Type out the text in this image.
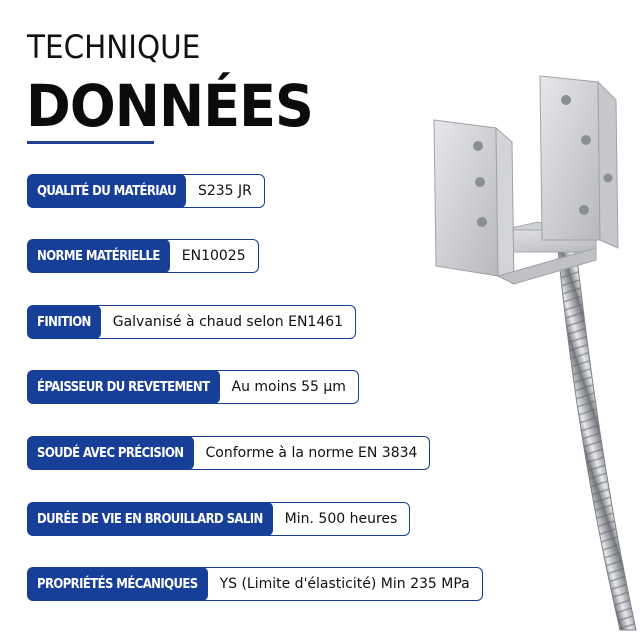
TECHNIQUE
DONNÉES
QUALITÉ DU MATÉRIAU	S235 JR
NORME MATÉRIELLE	EN10025
FINITION	Galvanisé à chaud selon EN1461
ÉPAISSEUR DU REVETEMENT	Au moins 55 µm
SOUDÉ AVEC PRÉCISION	Conforme à la norme EN 3834
DURÉE DE VIE EN BROUILLARD SALIN	Min. 500 heures
PROPRIÉTÉS MÉCANIQUES	YS (Limite d'élasticité) Min 235 MPa
